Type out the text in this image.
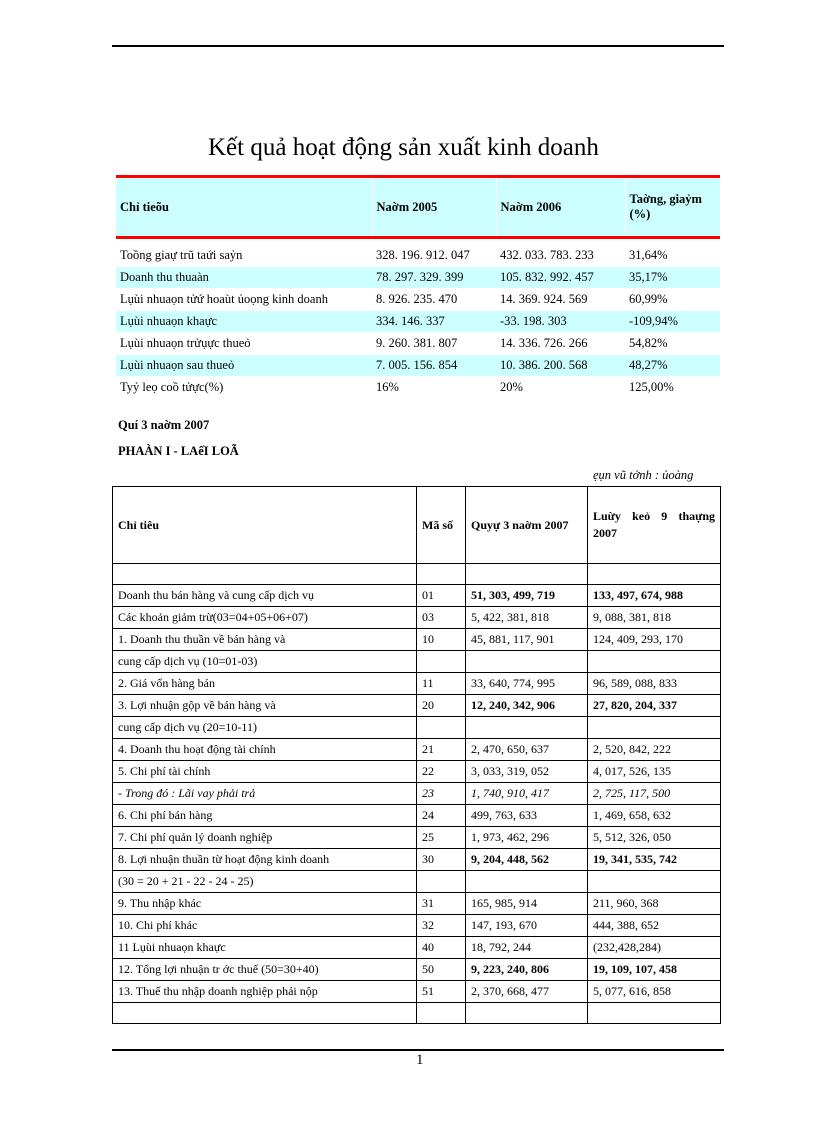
Kết quả hoạt động sản xuất kinh doanh
Chỉ tieõu	Naờm 2005	Naờm 2006	Taờng, giaỷm (%)

Toồng giaự trũ taứi saỷn	328. 196. 912. 047	432. 033. 783. 233	31,64%
Doanh thu thuaàn	78. 297. 329. 399	105. 832. 992. 457	35,17%
Lụùi nhuaọn tửứ hoaùt ủoọng kinh doanh	8. 926. 235. 470	14. 369. 924. 569	60,99%
Lụùi nhuaọn khaực	334. 146. 337	-33. 198. 303	-109,94%
Lụùi nhuaọn trửụực thueỏ	9. 260. 381. 807	14. 336. 726. 266	54,82%
Lụùi nhuaọn sau thueỏ	7. 005. 156. 854	10. 386. 200. 568	48,27%
Tyỷ leọ coồ tửực(%)	16%	20%	125,00%
Quí 3 naờm 2007
PHAÀN I - LAếI LOÃ
ẹụn vũ tớnh : ủoàng
Chỉ tiêu	Mã số	Quyự 3 naờm 2007	Luừy keỏ 9 thaựng 2007

Doanh thu bán hàng và cung cấp dịch vụ	01	51, 303, 499, 719	133, 497, 674, 988
Các khoản giảm trừ(03=04+05+06+07)	03	5, 422, 381, 818	9, 088, 381, 818
1. Doanh thu thuần về bán hàng và	10	45, 881, 117, 901	124, 409, 293, 170
cung cấp dịch vụ (10=01-03)			
2. Giá vốn hàng bán	11	33, 640, 774, 995	96, 589, 088, 833
3. Lợi nhuận gộp về bán hàng và	20	12, 240, 342, 906	27, 820, 204, 337
cung cấp dịch vụ (20=10-11)			
4. Doanh thu hoạt động tài chính	21	2, 470, 650, 637	2, 520, 842, 222
5. Chi phí tài chính	22	3, 033, 319, 052	4, 017, 526, 135
- Trong đó : Lãi vay phải trả	23	1, 740, 910, 417	2, 725, 117, 500
6. Chi phí bán hàng	24	499, 763, 633	1, 469, 658, 632
7. Chi phí quản lý doanh nghiệp	25	1, 973, 462, 296	5, 512, 326, 050
8. Lợi nhuận thuần từ hoạt động kinh doanh	30	9, 204, 448, 562	19, 341, 535, 742
(30 = 20 + 21 - 22 - 24 - 25)			
9. Thu nhập khác	31	165, 985, 914	211, 960, 368
10. Chi phí khác	32	147, 193, 670	444, 388, 652
11 Lụùi nhuaọn khaực	40	18, 792, 244	(232,428,284)
12. Tổng lợi nhuận tr ớc thuế (50=30+40)	50	9, 223, 240, 806	19, 109, 107, 458
13. Thuế thu nhập doanh nghiệp phải nộp	51	2, 370, 668, 477	5, 077, 616, 858

1
